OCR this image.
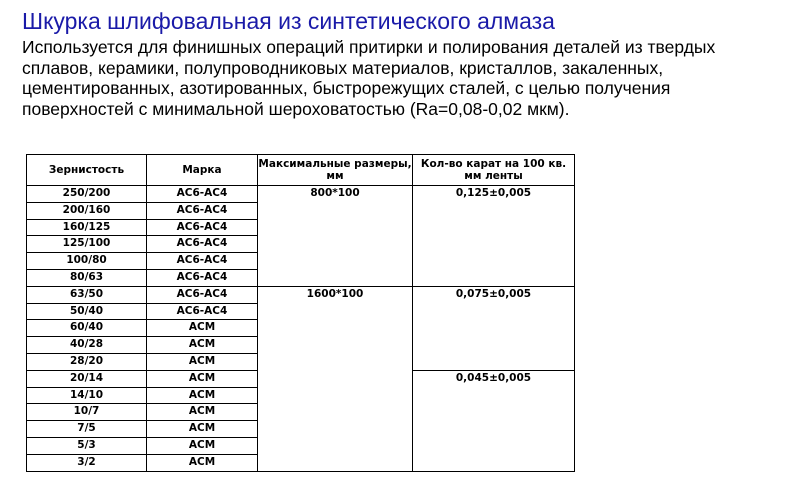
Шкурка шлифовальная из синтетического алмаза
Используется для финишных операций притирки и полирования деталей из твердых
сплавов, керамики, полупроводниковых материалов, кристаллов, закаленных,
цементированных, азотированных, быстрорежущих сталей, с целью получения
поверхностей с минимальной шероховатостью (Ra=0,08-0,02 мкм).
Зернистость	Марка	Максимальные размеры, мм	Кол-во карат на 100 кв. мм ленты
250/200	АС6-АС4	800*100	0,125±0,005
200/160	АС6-АС4		
160/125	АС6-АС4		
125/100	АС6-АС4		
100/80	АС6-АС4		
80/63	АС6-АС4		
63/50	АС6-АС4	1600*100	0,075±0,005
50/40	АС6-АС4		
60/40	АСМ		
40/28	АСМ		
28/20	АСМ		
20/14	АСМ		0,045±0,005
14/10	АСМ		
10/7	АСМ		
7/5	АСМ		
5/3	АСМ		
3/2	АСМ		
